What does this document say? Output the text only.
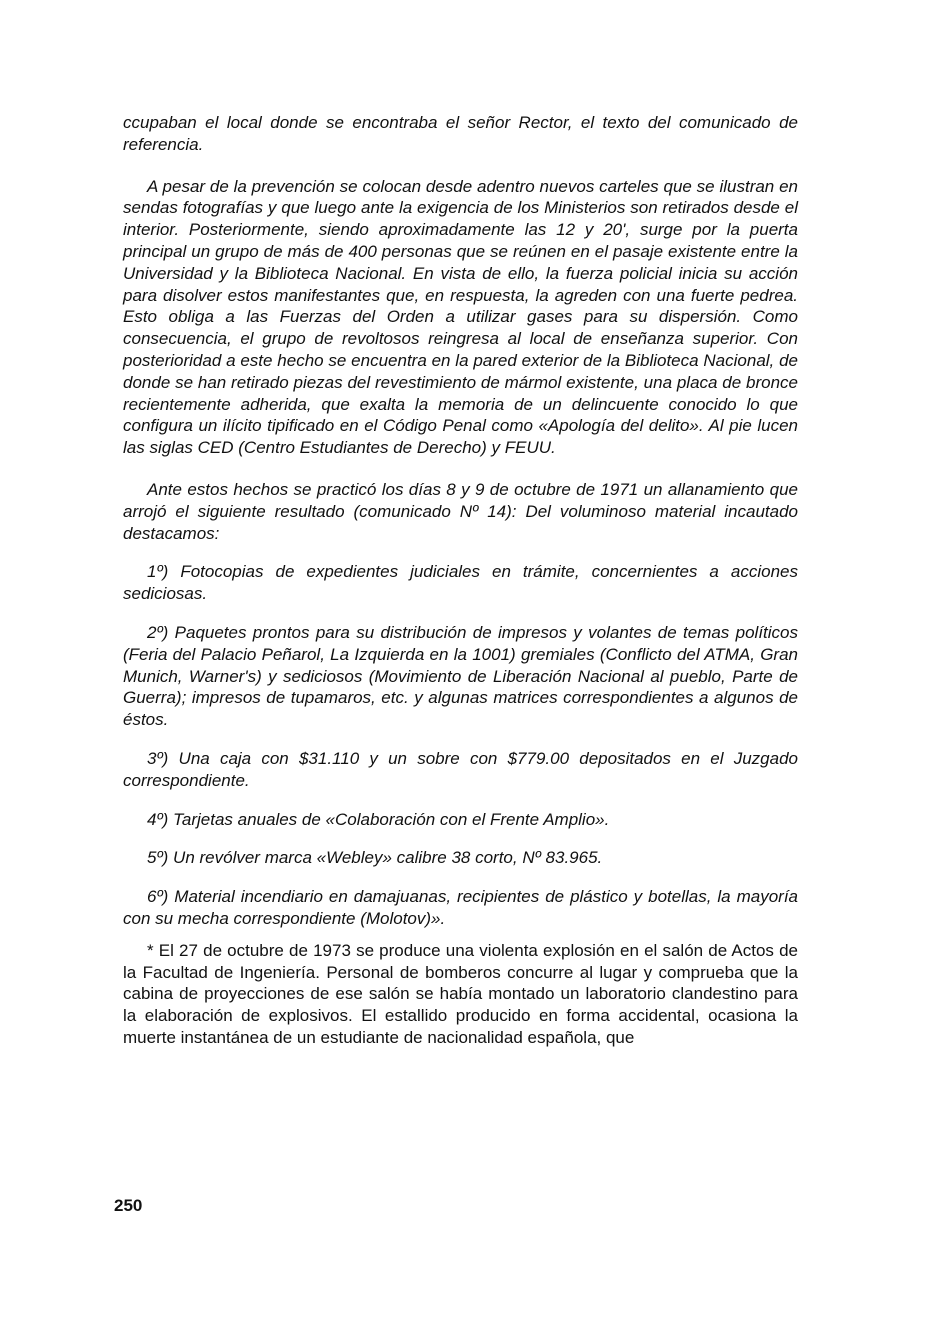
ccupaban el local donde se encontraba el señor Rector, el texto del comunicado de referencia.

A pesar de la prevención se colocan desde adentro nuevos carteles que se ilustran en sendas fotografías y que luego ante la exigencia de los Ministerios son retirados desde el interior. Posteriormente, siendo aproximadamente las 12 y 20', surge por la puerta principal un grupo de más de 400 personas que se reúnen en el pasaje existente entre la Universidad y la Biblioteca Nacional. En vista de ello, la fuerza policial inicia su acción para disolver estos manifestantes que, en respuesta, la agreden con una fuerte pedrea. Esto obliga a las Fuerzas del Orden a utilizar gases para su dispersión. Como consecuencia, el grupo de revoltosos reingresa al local de enseñanza superior. Con posterioridad a este hecho se encuentra en la pared exterior de la Biblioteca Nacional, de donde se han retirado piezas del revestimiento de mármol existente, una placa de bronce recientemente adherida, que exalta la memoria de un delincuente conocido lo que configura un ilícito tipificado en el Código Penal como «Apología del delito». Al pie lucen las siglas CED (Centro Estudiantes de Derecho) y FEUU.

Ante estos hechos se practicó los días 8 y 9 de octubre de 1971 un allanamiento que arrojó el siguiente resultado (comunicado Nº 14): Del voluminoso material incautado destacamos:

1º) Fotocopias de expedientes judiciales en trámite, concernientes a acciones sediciosas.

2º) Paquetes prontos para su distribución de impresos y volantes de temas políticos (Feria del Palacio Peñarol, La Izquierda en la 1001) gremiales (Conflicto del ATMA, Gran Munich, Warner's) y sediciosos (Movimiento de Liberación Nacional al pueblo, Parte de Guerra); impresos de tupamaros, etc. y algunas matrices correspondientes a algunos de éstos.

3º) Una caja con $31.110 y un sobre con $779.00 depositados en el Juzgado correspondiente.

4º) Tarjetas anuales de «Colaboración con el Frente Amplio».

5º) Un revólver marca «Webley» calibre 38 corto, Nº 83.965.

6º) Material incendiario en damajuanas, recipientes de plástico y botellas, la mayoría con su mecha correspondiente (Molotov)».

* El 27 de octubre de 1973 se produce una violenta explosión en el salón de Actos de la Facultad de Ingeniería. Personal de bomberos concurre al lugar y comprueba que la cabina de proyecciones de ese salón se había montado un laboratorio clandestino para la elaboración de explosivos. El estallido producido en forma accidental, ocasiona la muerte instantánea de un estudiante de nacionalidad española, que

250
